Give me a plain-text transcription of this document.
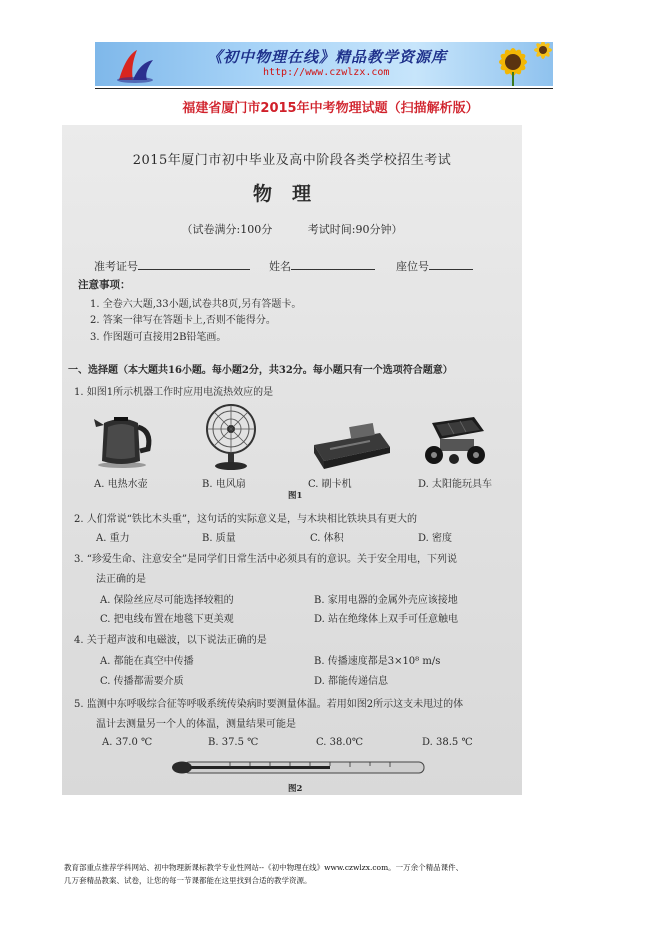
《初中物理在线》精品教学资源库
http://www.czwlzx.com
福建省厦门市2015年中考物理试题（扫描解析版）
2015年厦门市初中毕业及高中阶段各类学校招生考试
物理
（试卷满分:100分	考试时间:90分钟）
准考证号	姓名	座位号
注意事项：
1. 全卷六大题,33小题,试卷共8页,另有答题卡。
2. 答案一律写在答题卡上,否则不能得分。
3. 作图题可直接用2B铅笔画。
一、选择题（本大题共16小题。每小题2分，共32分。每小题只有一个选项符合题意）
1. 如图1所示机器工作时应用电流热效应的是
A. 电热水壶	B. 电风扇	C. 刷卡机	D. 太阳能玩具车
图1
2. 人们常说“铁比木头重”，这句话的实际意义是，与木块相比铁块具有更大的
A. 重力	B. 质量	C. 体积	D. 密度
3. “珍爱生命、注意安全”是同学们日常生活中必须具有的意识。关于安全用电，下列说
法正确的是
A. 保险丝应尽可能选择较粗的	B. 家用电器的金属外壳应该接地
C. 把电线布置在地毯下更美观	D. 站在绝缘体上双手可任意触电
4. 关于超声波和电磁波，以下说法正确的是
A. 都能在真空中传播	B. 传播速度都是3×10⁸ m/s
C. 传播都需要介质	D. 都能传递信息
5. 监测中东呼吸综合征等呼吸系统传染病时要测量体温。若用如图2所示这支未甩过的体
温计去测量另一个人的体温，测量结果可能是
A. 37.0 ℃	B. 37.5 ℃	C. 38.0℃	D. 38.5 ℃
图2
教育部重点推荐学科网站、初中物理新课标教学专业性网站--《初中物理在线》www.czwlzx.com。一万余个精品课件、
几万套精品教案、试卷，让您的每一节课都能在这里找到合适的教学资源。
